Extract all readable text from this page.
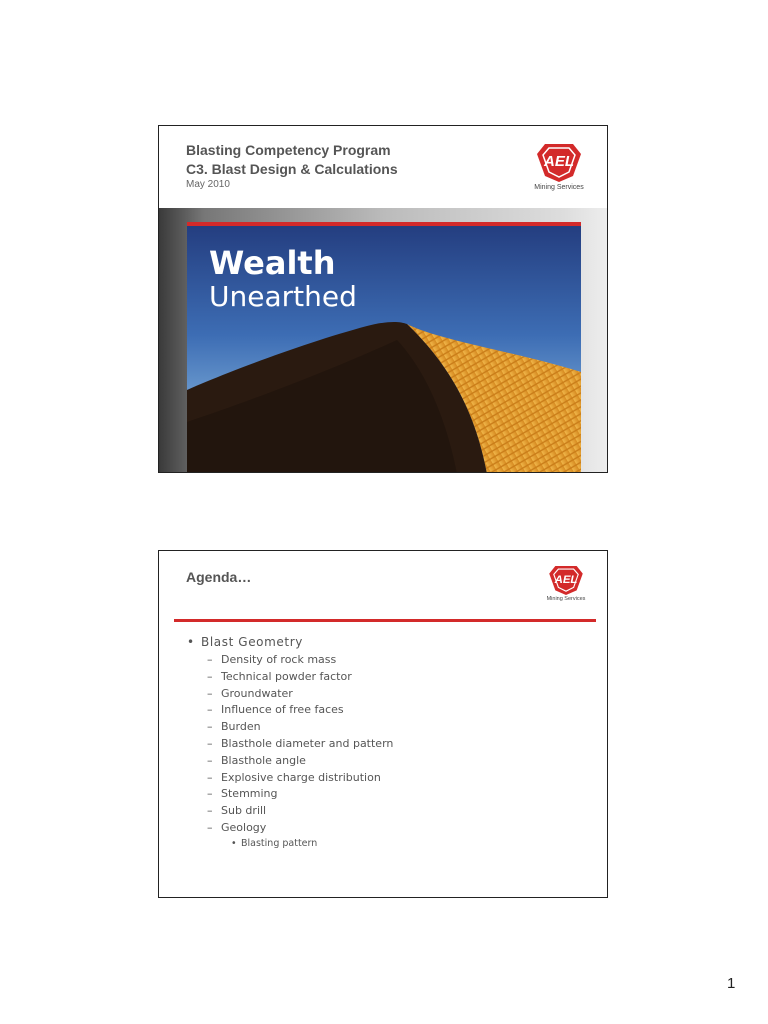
Blasting Competency Program
C3. Blast Design & Calculations
May 2010
AEL
Mining Services
Wealth
Unearthed
Agenda…	AEL
Mining Services
• Blast Geometry
– Density of rock mass
– Technical powder factor
– Groundwater
– Influence of free faces
– Burden
– Blasthole diameter and pattern
– Blasthole angle
– Explosive charge distribution
– Stemming
– Sub drill
– Geology
• Blasting pattern
1
